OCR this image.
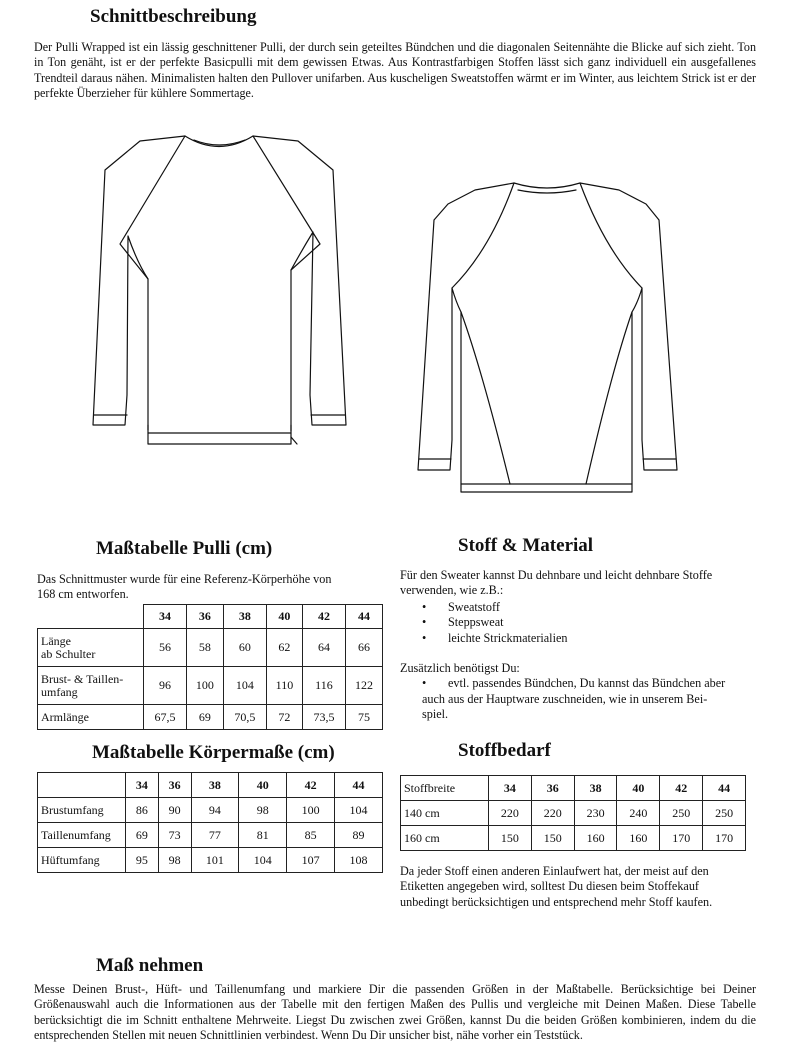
Schnittbeschreibung
Der Pulli Wrapped ist ein lässig geschnittener Pulli, der durch sein geteiltes Bündchen und die diagonalen Seitennähte die Blicke auf sich zieht. Ton in Ton genäht, ist er der perfekte Basicpulli mit dem gewissen Etwas. Aus Kontrastfarbigen Stoffen lässt sich ganz individuell ein ausgefallenes Trendteil daraus nähen. Minimalisten halten den Pullover unifarben. Aus kuscheligen Sweatstoffen wärmt er im Winter, aus leichtem Strick ist er der perfekte Überzieher für kühlere Sommertage.
Maßtabelle Pulli (cm)
Das Schnittmuster wurde für eine Referenz-Körperhöhe von
168 cm entworfen.
	34	36	38	40	42	44

Länge
ab Schulter	56	58	60	62	64	66

Brust- & Taillen-
umfang	96	100	104	110	116	122
Armlänge	67,5	69	70,5	72	73,5	75
Maßtabelle Körpermaße (cm)
	34	36	38	40	42	44
Brustumfang	86	90	94	98	100	104
Taillenumfang	69	73	77	81	85	89
Hüftumfang	95	98	101	104	107	108
Stoff & Material
Für den Sweater kannst Du dehnbare und leicht dehnbare Stoffe
verwenden, wie z.B.:
• Sweatstoff
• Steppsweat
• leichte Strickmaterialien
Zusätzlich benötigst Du:
• evtl. passendes Bündchen, Du kannst das Bündchen aber
auch aus der Hauptware zuschneiden, wie in unserem Bei-
spiel.
Stoffbedarf
Stoffbreite	34	36	38	40	42	44
140 cm	220	220	230	240	250	250
160 cm	150	150	160	160	170	170
Da jeder Stoff einen anderen Einlaufwert hat, der meist auf den
Etiketten angegeben wird, solltest Du diesen beim Stoffekauf
unbedingt berücksichtigen und entsprechend mehr Stoff kaufen.
Maß nehmen
Messe Deinen Brust-, Hüft- und Taillenumfang und markiere Dir die passenden Größen in der Maßtabelle. Berücksichtige bei Deiner Größenauswahl auch die Informationen aus der Tabelle mit den fertigen Maßen des Pullis und vergleiche mit Deinen Maßen. Diese Tabelle berücksichtigt die im Schnitt enthaltene Mehrweite. Liegst Du zwischen zwei Größen, kannst Du die beiden Größen kombinieren, indem du die entsprechenden Stellen mit neuen Schnittlinien verbindest. Wenn Du Dir unsicher bist, nähe vorher ein Teststück.
